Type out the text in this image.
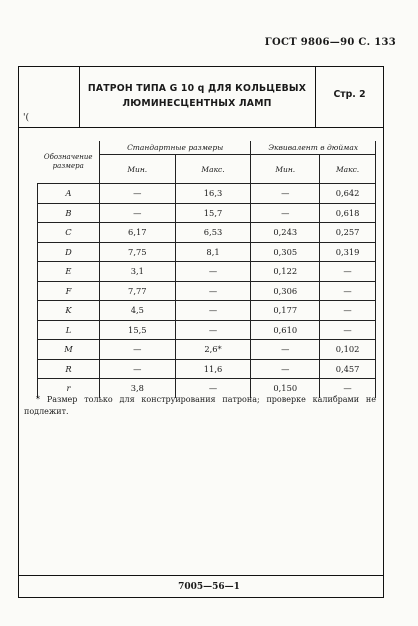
ГОСТ 9806—90 С. 133
'(
ПАТРОН ТИПА G 10 q ДЛЯ КОЛЬЦЕВЫХ
ЛЮМИНЕСЦЕНТНЫХ ЛАМП
Стр. 2
Обозначение размера	Стандартные размеры		Эквивалент в дюймах	
	Мин.	Макс.	Мин.	Макс.
A	—	16,3	—	0,642
B	—	15,7	—	0,618
C	6,17	6,53	0,243	0,257
D	7,75	8,1	0,305	0,319
E	3,1	—	0,122	—
F	7,77	—	0,306	—
K	4,5	—	0,177	—
L	15,5	—	0,610	—
M	—	2,6*	—	0,102
R	—	11,6	—	0,457
r	3,8	—	0,150	—
* Размер только для конструирования патрона; проверке калибрами не подлежит.
7005—56—1
